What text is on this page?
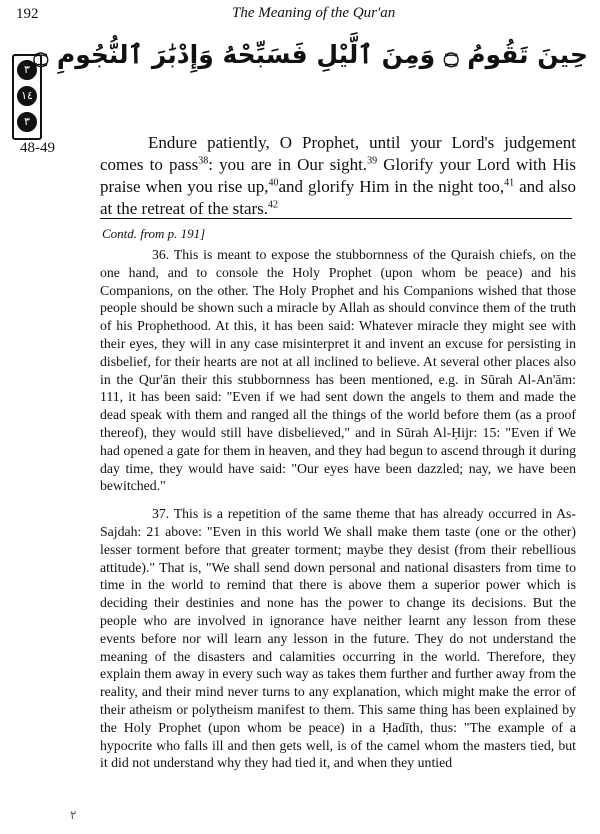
192	The Meaning of the Qur'an
٣
١٤
٣
حِينَ تَقُومُ ۝ وَمِنَ ٱلَّيْلِ فَسَبِّحْهُ وَإِدْبَٰرَ ٱلنُّجُومِ ۝
48-49	Endure patiently, O Prophet, until your Lord's judgement comes to pass$^{38}$: you are in Our sight.$^{39}$ Glorify your Lord with His praise when you rise up,$^{40}$and glorify Him in the night too,$^{41}$ and also at the retreat of the stars.$^{42}$
Contd. from p. 191]

36. This is meant to expose the stubbornness of the Quraish chiefs, on the one hand, and to console the Holy Prophet (upon whom be peace) and his Companions, on the other. The Holy Prophet and his Companions wished that those people should be shown such a miracle by Allah as should convince them of the truth of his Prophethood. At this, it has been said: Whatever miracle they might see with their eyes, they will in any case misinterpret it and invent an excuse for persisting in disbelief, for their hearts are not at all inclined to believe. At several other places also in the Qur'ān their this stubbornness has been mentioned, e.g. in Sūrah Al-An'ām: 111, it has been said: "Even if we had sent down the angels to them and made the dead speak with them and ranged all the things of the world before them (as a proof thereof), they would still have disbelieved," and in Sūrah Al-Ḥijr: 15: "Even if We had opened a gate for them in heaven, and they had begun to ascend through it during day time, they would have said: "Our eyes have been dazzled; nay, we have been bewitched."

37. This is a repetition of the same theme that has already occurred in As-Sajdah: 21 above: "Even in this world We shall make them taste (one or the other) lesser torment before that greater torment; maybe they desist (from their rebellious attitude)." That is, "We shall send down personal and national disasters from time to time in the world to remind that there is above them a superior power which is deciding their destinies and none has the power to change its decisions. But the people who are involved in ignorance have neither learnt any lesson from these events before nor will learn any lesson in the future. They do not understand the meaning of the disasters and calamities occurring in the world. Therefore, they explain them away in every such way as takes them further and further away from the reality, and their mind never turns to any explanation, which might make the error of their atheism or polytheism manifest to them. This same thing has been explained by the Holy Prophet (upon whom be peace) in a Ḥadīth, thus: "The example of a hypocrite who falls ill and then gets well, is of the camel whom the masters tied, but it did not understand why they had tied it, and when they untied

٢
